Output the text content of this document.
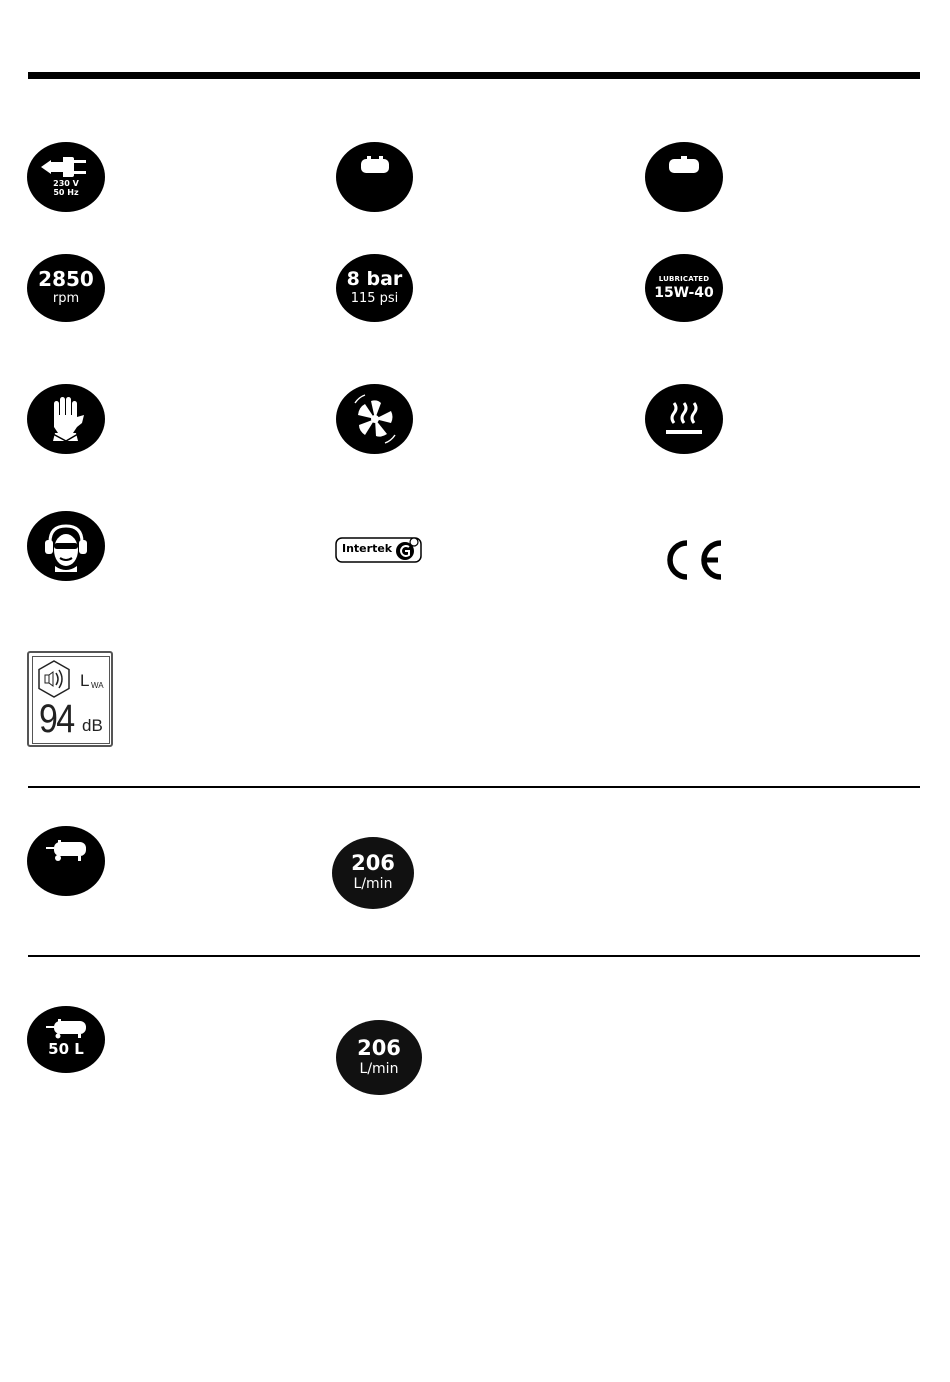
230 V
50 Hz
2850
rpm
8 bar
115 psi
LUBRICATED
15W-40
Intertek
L WA
94 dB
206
L/min
50 L	206
L/min
